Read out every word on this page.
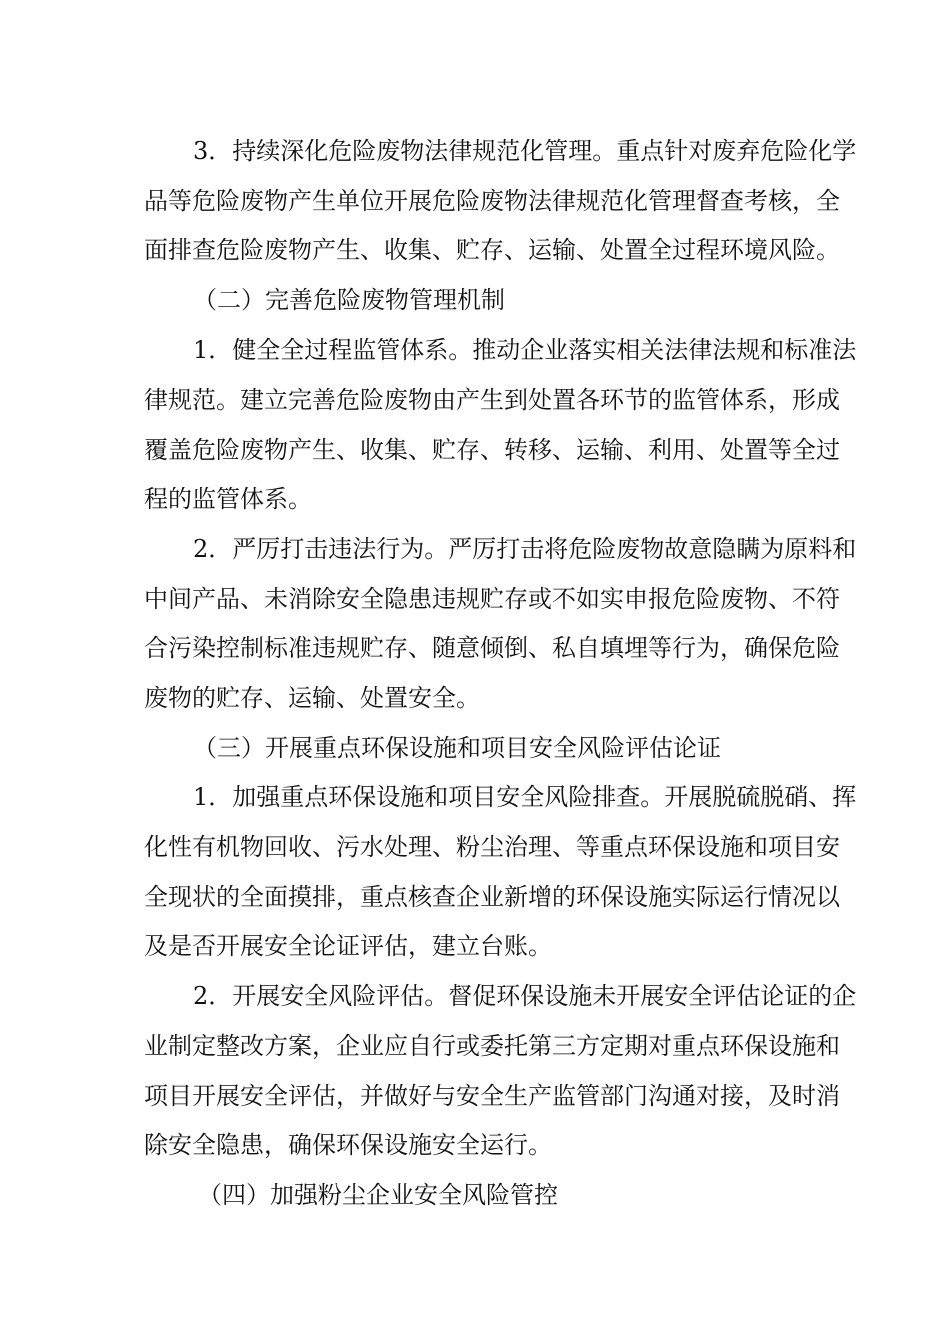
3．持续深化危险废物法律规范化管理。重点针对废弃危险化学
品等危险废物产生单位开展危险废物法律规范化管理督查考核，全
面排查危险废物产生、收集、贮存、运输、处置全过程环境风险。
（二）完善危险废物管理机制
1．健全全过程监管体系。推动企业落实相关法律法规和标准法
律规范。建立完善危险废物由产生到处置各环节的监管体系，形成
覆盖危险废物产生、收集、贮存、转移、运输、利用、处置等全过
程的监管体系。
2．严厉打击违法行为。严厉打击将危险废物故意隐瞒为原料和
中间产品、未消除安全隐患违规贮存或不如实申报危险废物、不符
合污染控制标准违规贮存、随意倾倒、私自填埋等行为，确保危险
废物的贮存、运输、处置安全。
（三）开展重点环保设施和项目安全风险评估论证
1．加强重点环保设施和项目安全风险排查。开展脱硫脱硝、挥
化性有机物回收、污水处理、粉尘治理、等重点环保设施和项目安
全现状的全面摸排，重点核查企业新增的环保设施实际运行情况以
及是否开展安全论证评估，建立台账。
2．开展安全风险评估。督促环保设施未开展安全评估论证的企
业制定整改方案，企业应自行或委托第三方定期对重点环保设施和
项目开展安全评估，并做好与安全生产监管部门沟通对接，及时消
除安全隐患，确保环保设施安全运行。
（四）加强粉尘企业安全风险管控
